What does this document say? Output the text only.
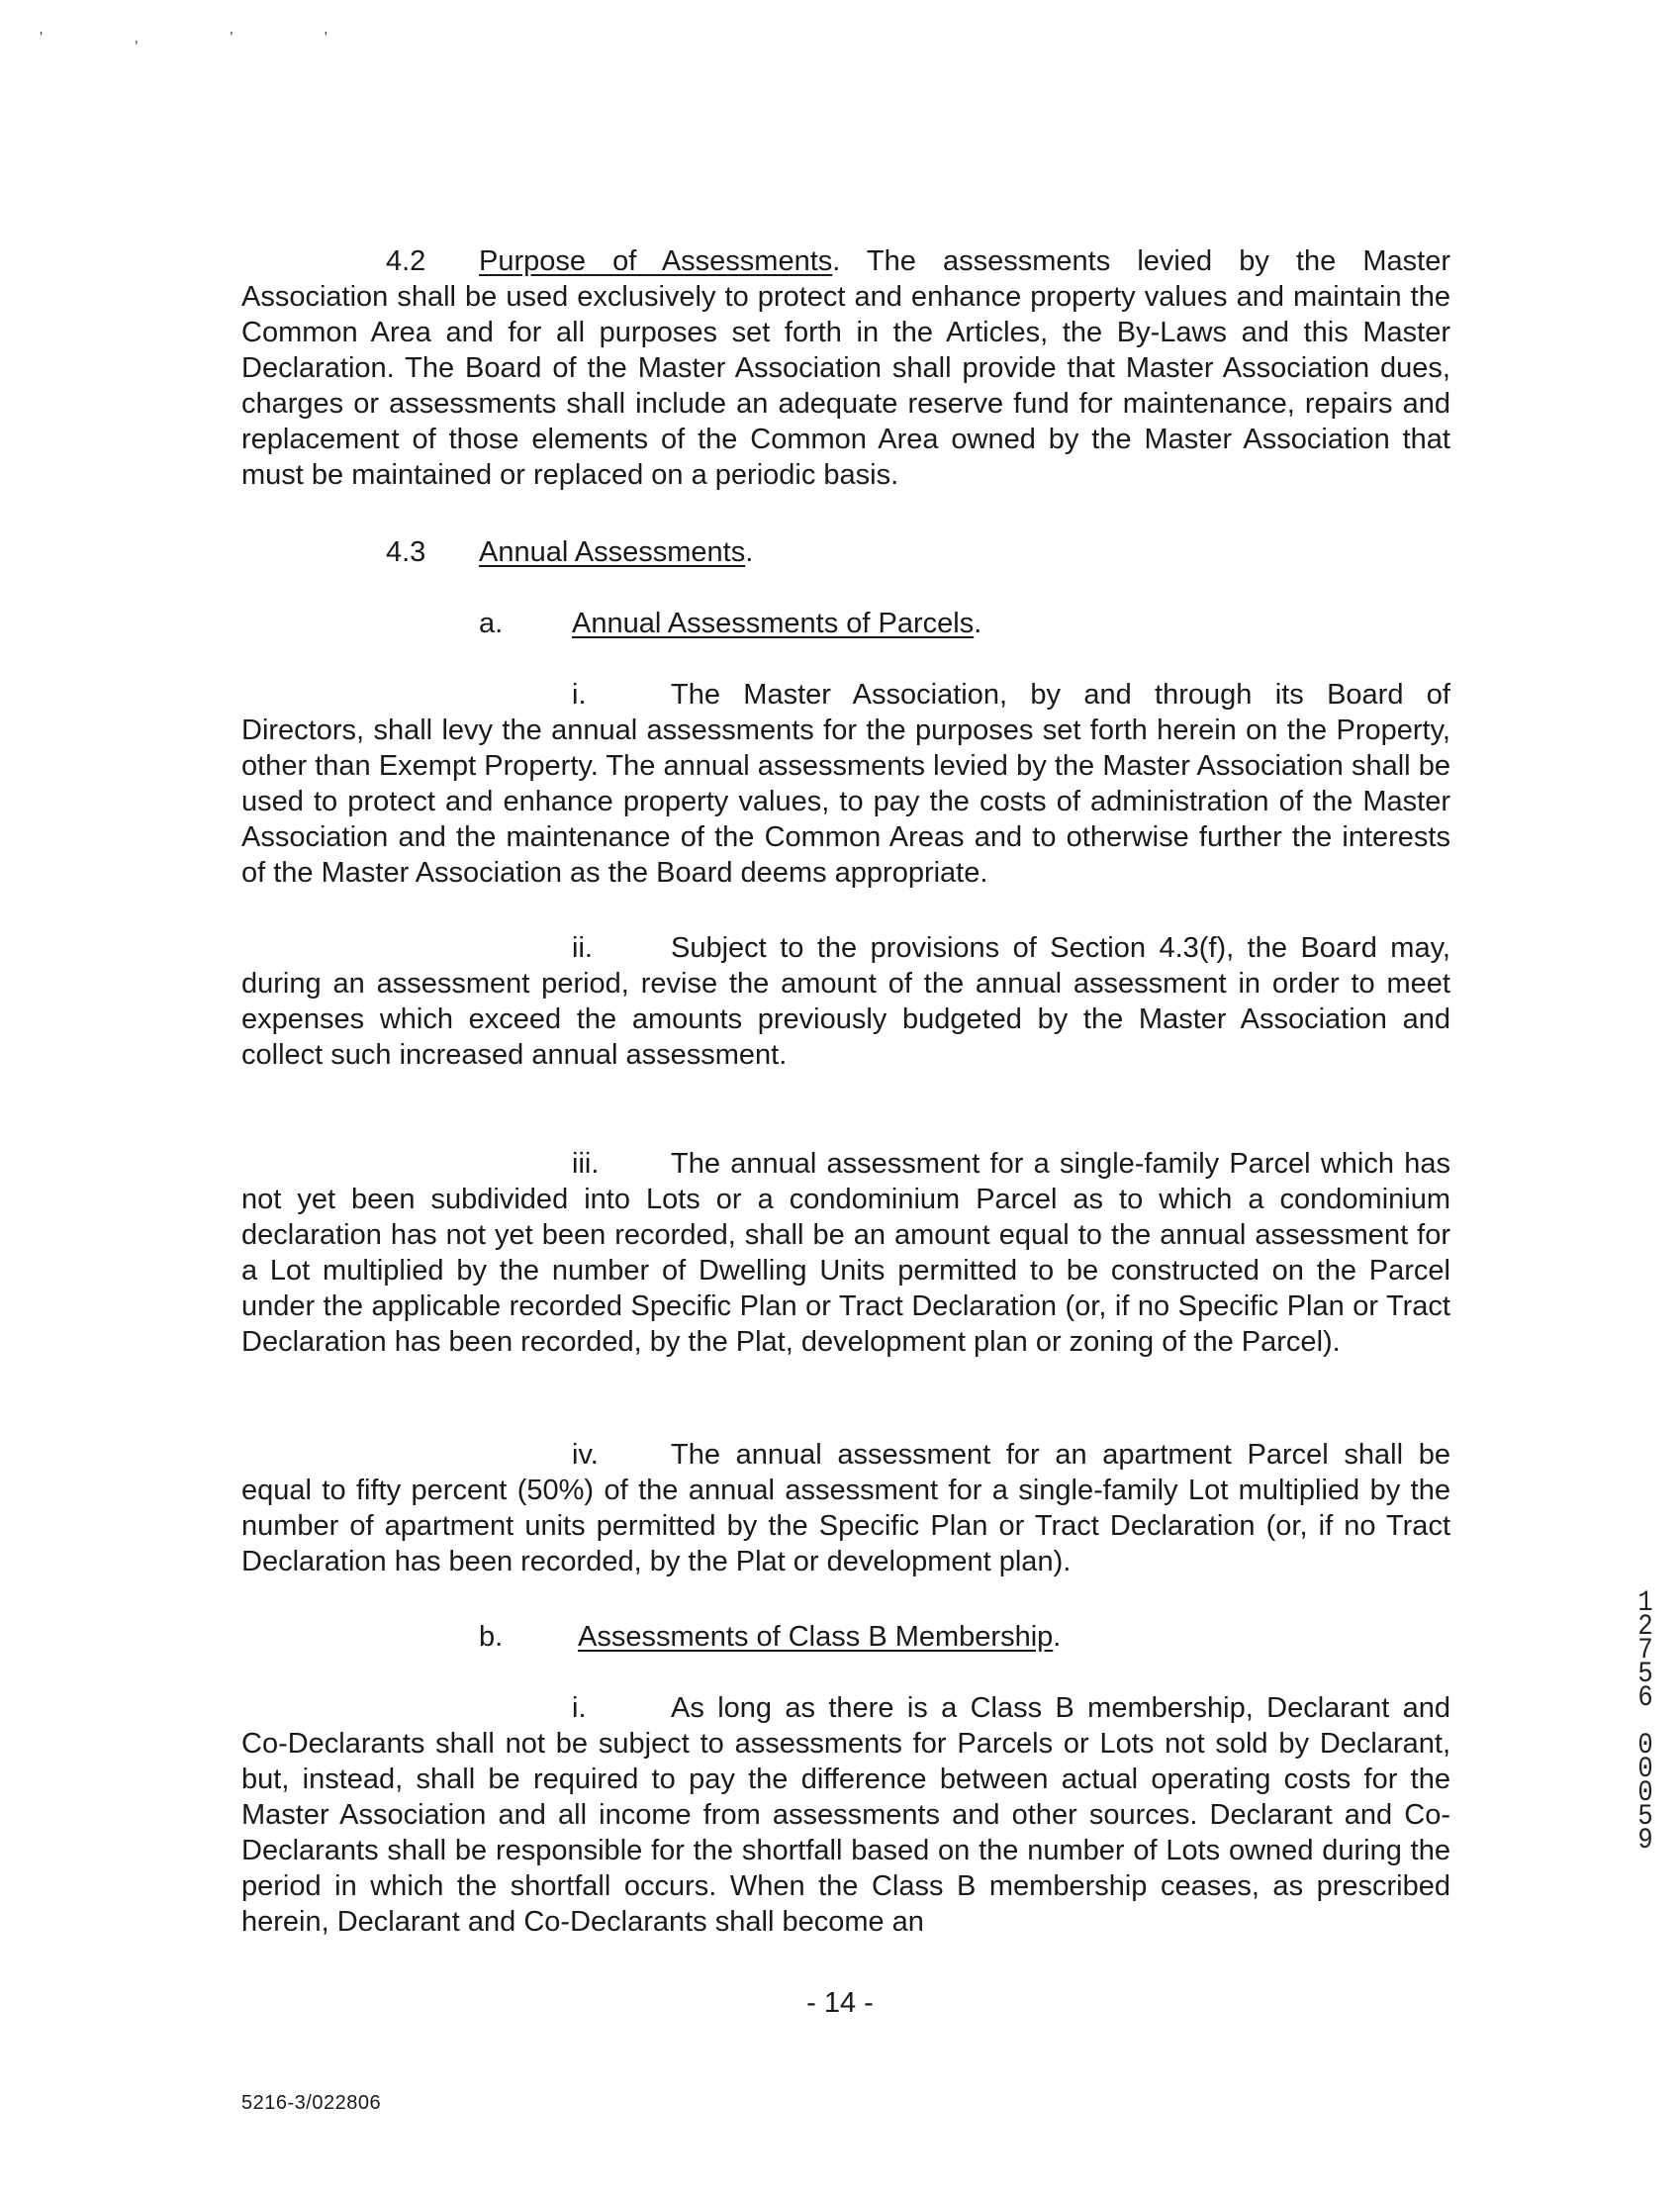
' , ' '
4.2 Purpose of Assessments. The assessments levied by the Master Association shall be used exclusively to protect and enhance property values and maintain the Common Area and for all purposes set forth in the Articles, the By-Laws and this Master Declaration. The Board of the Master Association shall provide that Master Association dues, charges or assessments shall include an adequate reserve fund for maintenance, repairs and replacement of those elements of the Common Area owned by the Master Association that must be maintained or replaced on a periodic basis.
4.3 Annual Assessments.
a. Annual Assessments of Parcels.
i.	The Master Association, by and through its Board of Directors, shall levy the annual assessments for the purposes set forth herein on the Property, other than Exempt Property. The annual assessments levied by the Master Association shall be used to protect and enhance property values, to pay the costs of administration of the Master Association and the maintenance of the Common Areas and to otherwise further the interests of the Master Association as the Board deems appropriate.
ii.	Subject to the provisions of Section 4.3(f), the Board may, during an assessment period, revise the amount of the annual assessment in order to meet expenses which exceed the amounts previously budgeted by the Master Association and collect such increased annual assessment.
iii.	The annual assessment for a single-family Parcel which has not yet been subdivided into Lots or a condominium Parcel as to which a condominium declaration has not yet been recorded, shall be an amount equal to the annual assessment for a Lot multiplied by the number of Dwelling Units permitted to be constructed on the Parcel under the applicable recorded Specific Plan or Tract Declaration (or, if no Specific Plan or Tract Declaration has been recorded, by the Plat, development plan or zoning of the Parcel).
iv.	The annual assessment for an apartment Parcel shall be equal to fifty percent (50%) of the annual assessment for a single-family Lot multiplied by the number of apartment units permitted by the Specific Plan or Tract Declaration (or, if no Tract Declaration has been recorded, by the Plat or development plan).
b.	Assessments of Class B Membership.
i.	As long as there is a Class B membership, Declarant and Co-Declarants shall not be subject to assessments for Parcels or Lots not sold by Declarant, but, instead, shall be required to pay the difference between actual operating costs for the Master Association and all income from assessments and other sources. Declarant and Co-Declarants shall be responsible for the shortfall based on the number of Lots owned during the period in which the shortfall occurs. When the Class B membership ceases, as prescribed herein, Declarant and Co-Declarants shall become an
- 14 -
5216-3/022806
1
2
7
5
6
0
0
0
5
9
